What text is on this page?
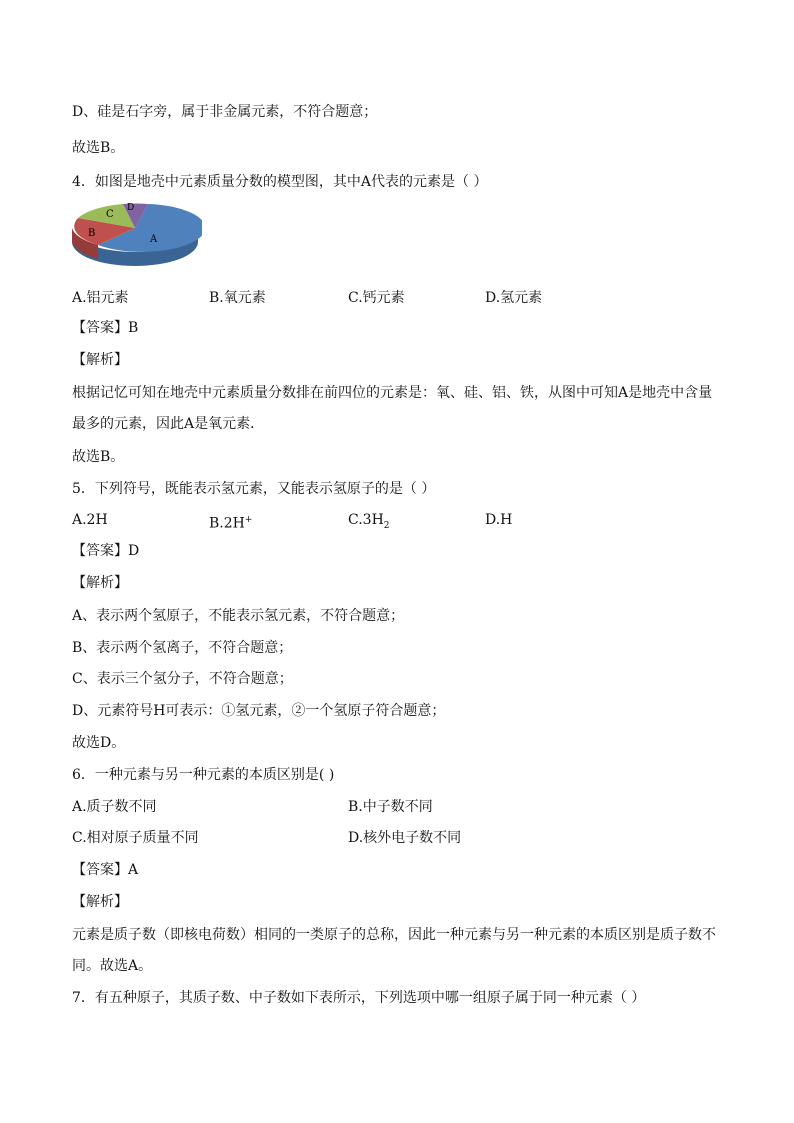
D、硅是石字旁，属于非金属元素，不符合题意；
故选B。
4．如图是地壳中元素质量分数的模型图，其中A代表的元素是（ ）
A
B
C
D
A.铝元素	B.氧元素	C.钙元素	D.氢元素
【答案】B
【解析】
根据记忆可知在地壳中元素质量分数排在前四位的元素是：氧、硅、铝、铁，从图中可知A是地壳中含量
最多的元素，因此A是氧元素．
故选B。
5．下列符号，既能表示氢元素，又能表示氢原子的是（ ）
A.2H	B.2H+	$C.3H_2$	D.H
【答案】D
【解析】
A、表示两个氢原子，不能表示氢元素，不符合题意；
B、表示两个氢离子，不符合题意；
C、表示三个氢分子，不符合题意；
D、元素符号H可表示：①氢元素，②一个氢原子符合题意；
故选D。
6．一种元素与另一种元素的本质区别是( )
A.质子数不同	B.中子数不同
C.相对原子质量不同	D.核外电子数不同
【答案】A
【解析】
元素是质子数（即核电荷数）相同的一类原子的总称，因此一种元素与另一种元素的本质区别是质子数不
同。故选A。
7．有五种原子，其质子数、中子数如下表所示，下列选项中哪一组原子属于同一种元素（ ）
